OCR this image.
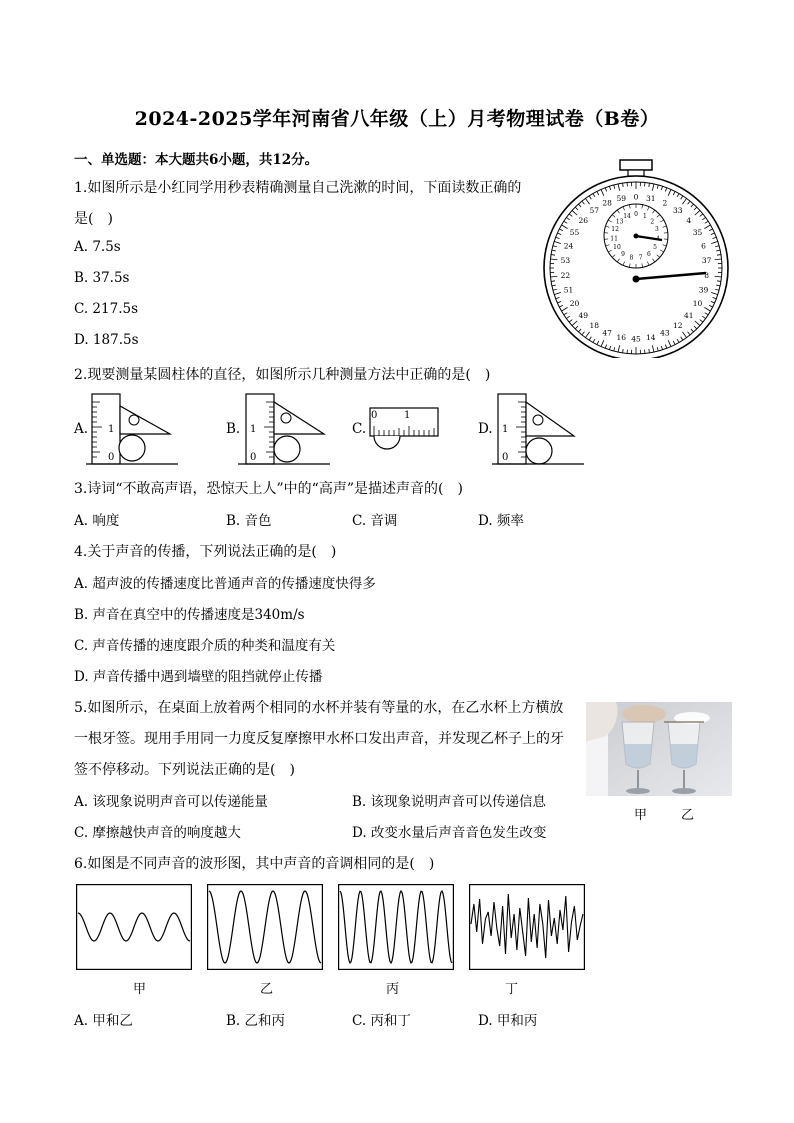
2024-2025学年河南省八年级（上）月考物理试卷（B卷）
一、单选题：本大题共6小题，共12分。
1.如图所示是小红同学用秒表精确测量自己洗漱的时间，下面读数正确的
是(　)
A. 7.5s
B. 37.5s
C. 217.5s
D. 187.5s
31
2
33
4
35
6
37
8
39
10
41
12
43
14
45
16
47
18
49
20
51
22
53
24
55
26
57
28
59 0
0 1
2
3
5
6
7
8
9
10
11
12
13
14
2.现要测量某圆柱体的直径，如图所示几种测量方法中正确的是(　)
A. 1
0
B. 1
0
C.
0	1
D. 1
0
3.诗词“不敢高声语，恐惊天上人”中的“高声”是描述声音的(　)
A. 响度	B. 音色	C. 音调	D. 频率
4.关于声音的传播，下列说法正确的是(　)
A. 超声波的传播速度比普通声音的传播速度快得多
B. 声音在真空中的传播速度是340m/s
C. 声音传播的速度跟介质的种类和温度有关
D. 声音传播中遇到墙壁的阻挡就停止传播
5.如图所示，在桌面上放着两个相同的水杯并装有等量的水，在乙水杯上方横放
一根牙签。现用手用同一力度反复摩擦甲水杯口发出声音，并发现乙杯子上的牙
签不停移动。下列说法正确的是(　)
A. 该现象说明声音可以传递能量	B. 该现象说明声音可以传递信息
C. 摩擦越快声音的响度越大	D. 改变水量后声音音色发生改变
甲	乙
6.如图是不同声音的波形图，其中声音的音调相同的是(　)
甲	乙	丙	丁
A. 甲和乙	B. 乙和丙	C. 丙和丁	D. 甲和丙
